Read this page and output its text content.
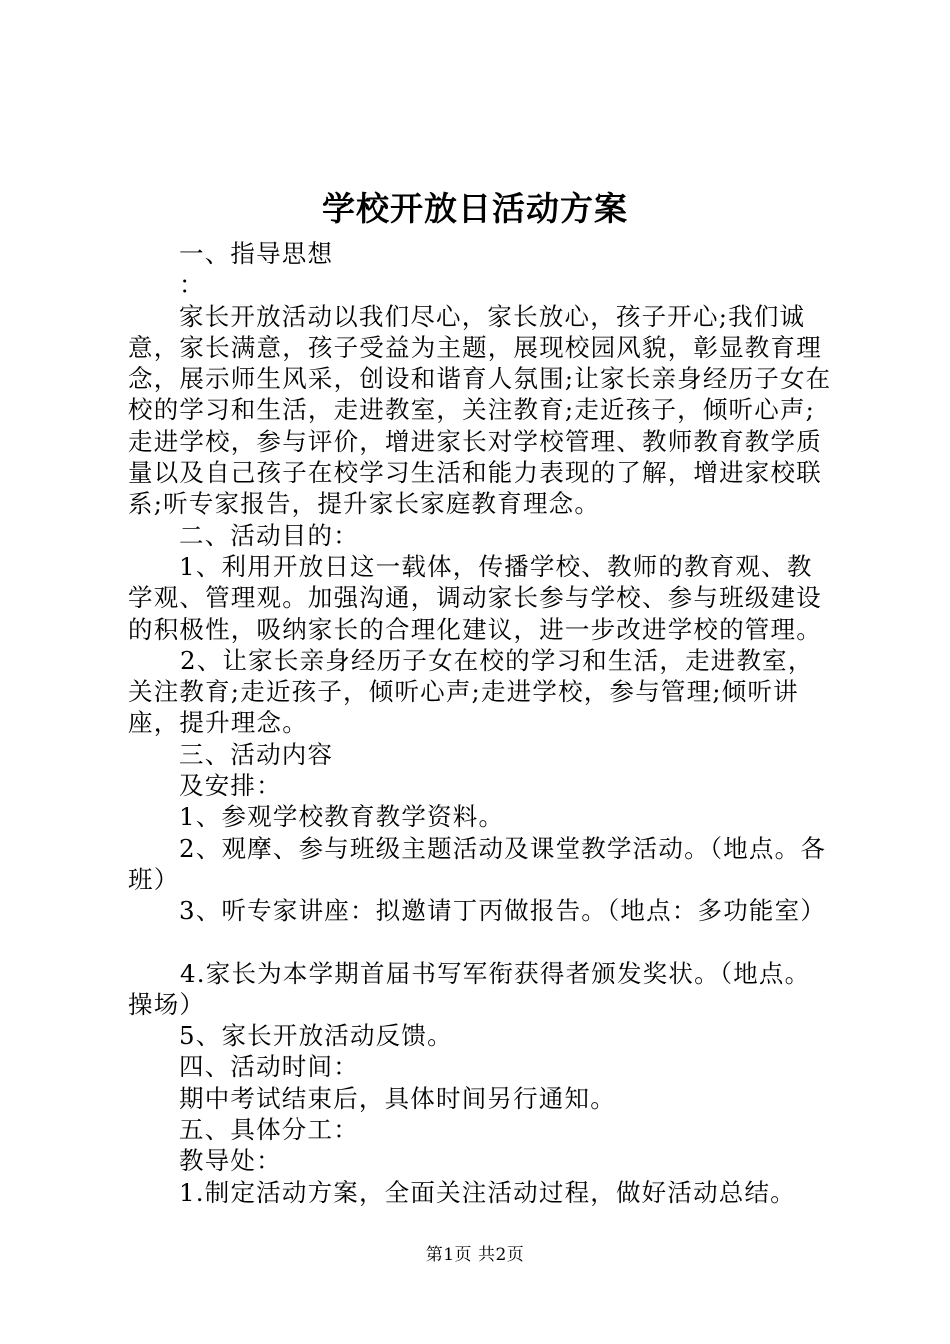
学校开放日活动方案

一、指导思想

：

家长开放活动以我们尽心，家长放心，孩子开心;我们诚意，家长满意，孩子受益为主题，展现校园风貌，彰显教育理念，展示师生风采，创设和谐育人氛围;让家长亲身经历子女在校的学习和生活，走进教室，关注教育;走近孩子，倾听心声;走进学校，参与评价，增进家长对学校管理、教师教育教学质量以及自己孩子在校学习生活和能力表现的了解，增进家校联系;听专家报告，提升家长家庭教育理念。

二、活动目的：

1、利用开放日这一载体，传播学校、教师的教育观、教学观、管理观。加强沟通，调动家长参与学校、参与班级建设的积极性，吸纳家长的合理化建议，进一步改进学校的管理。

2、让家长亲身经历子女在校的学习和生活，走进教室，关注教育;走近孩子，倾听心声;走进学校，参与管理;倾听讲座，提升理念。

三、活动内容

及安排：

1、参观学校教育教学资料。

2、观摩、参与班级主题活动及课堂教学活动。（地点。各班）

3、听专家讲座：拟邀请丁丙做报告。（地点：多功能室）

4.家长为本学期首届书写军衔获得者颁发奖状。（地点。操场）

5、家长开放活动反馈。

四、活动时间：

期中考试结束后，具体时间另行通知。

五、具体分工：

教导处：

1.制定活动方案，全面关注活动过程，做好活动总结。

第1页 共2页
